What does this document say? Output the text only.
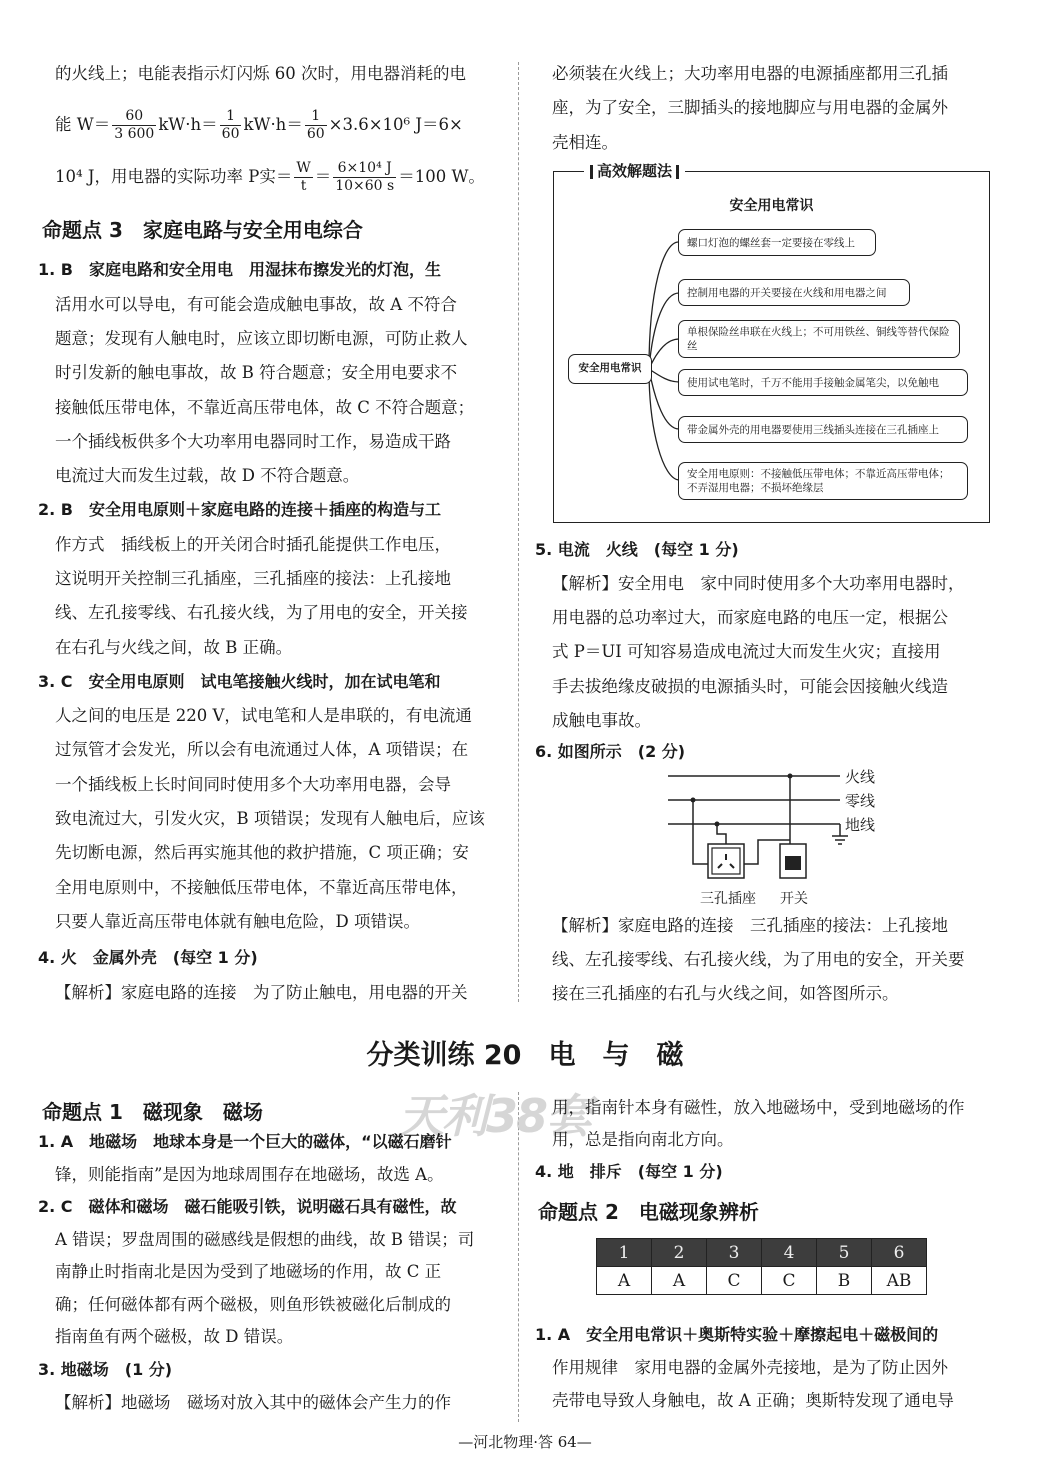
的火线上；电能表指示灯闪烁 60 次时，用电器消耗的电
能 $W= \frac{60}{3 600} kW\cdot h= \frac{1}{60} kW\cdot h= \frac{1}{60} \times 3.6\times 10^6$ J＝6×
10⁴ J，用电器的实际功率 P实＝ $\frac{W}{t} = \frac{\text{6×10⁴ J}}{10\times 60 s} =100$ W。
命题点 3　家庭电路与安全用电综合
1. B　家庭电路和安全用电　用湿抹布擦发光的灯泡，生
活用水可以导电，有可能会造成触电事故，故 A 不符合
题意；发现有人触电时，应该立即切断电源，可防止救人
时引发新的触电事故，故 B 符合题意；安全用电要求不
接触低压带电体，不靠近高压带电体，故 C 不符合题意；
一个插线板供多个大功率用电器同时工作，易造成干路
电流过大而发生过载，故 D 不符合题意。
2. B　安全用电原则＋家庭电路的连接＋插座的构造与工
作方式　插线板上的开关闭合时插孔能提供工作电压，
这说明开关控制三孔插座，三孔插座的接法：上孔接地
线、左孔接零线、右孔接火线，为了用电的安全，开关接
在右孔与火线之间，故 B 正确。
3. C　安全用电原则　试电笔接触火线时，加在试电笔和
人之间的电压是 220 V，试电笔和人是串联的，有电流通
过氖管才会发光，所以会有电流通过人体，A 项错误；在
一个插线板上长时间同时使用多个大功率用电器，会导
致电流过大，引发火灾，B 项错误；发现有人触电后，应该
先切断电源，然后再实施其他的救护措施，C 项正确；安
全用电原则中，不接触低压带电体，不靠近高压带电体，
只要人靠近高压带电体就有触电危险，D 项错误。
4. 火　金属外壳　(每空 1 分)
【解析】家庭电路的连接　为了防止触电，用电器的开关
必须装在火线上；大功率用电器的电源插座都用三孔插
座，为了安全，三脚插头的接地脚应与用电器的金属外
壳相连。
高效解题法
安全用电常识
安全用电常识
螺口灯泡的螺丝套一定要接在零线上
控制用电器的开关要接在火线和用电器之间
单根保险丝串联在火线上；不可用铁丝、铜线等替代保险丝
使用试电笔时，千万不能用手接触金属笔尖，以免触电
带金属外壳的用电器要使用三线插头连接在三孔插座上
安全用电原则：不接触低压带电体；不靠近高压带电体；不弄湿用电器；不损坏绝缘层
5. 电流　火线　(每空 1 分)
【解析】安全用电　家中同时使用多个大功率用电器时，
用电器的总功率过大，而家庭电路的电压一定，根据公
式 P＝UI 可知容易造成电流过大而发生火灾；直接用
手去拔绝缘皮破损的电源插头时，可能会因接触火线造
成触电事故。
6. 如图所示　(2 分)
火线
零线
地线
三孔插座 开关
【解析】家庭电路的连接　三孔插座的接法：上孔接地
线、左孔接零线、右孔接火线，为了用电的安全，开关要
接在三孔插座的右孔与火线之间，如答图所示。
分类训练 20　电　与　磁
天利38套
命题点 1　磁现象　磁场
1. A　地磁场　地球本身是一个巨大的磁体，“以磁石磨针
锋，则能指南”是因为地球周围存在地磁场，故选 A。
2. C　磁体和磁场　磁石能吸引铁，说明磁石具有磁性，故
A 错误；罗盘周围的磁感线是假想的曲线，故 B 错误；司
南静止时指南北是因为受到了地磁场的作用，故 C 正
确；任何磁体都有两个磁极，则鱼形铁被磁化后制成的
指南鱼有两个磁极，故 D 错误。
3. 地磁场　(1 分)
【解析】地磁场　磁场对放入其中的磁体会产生力的作
用，指南针本身有磁性，放入地磁场中，受到地磁场的作
用，总是指向南北方向。
4. 地　排斥　(每空 1 分)
命题点 2　电磁现象辨析
1	2	3	4	5	6
A	A	C	C	B	AB
1. A　安全用电常识＋奥斯特实验＋摩擦起电＋磁极间的
作用规律　家用电器的金属外壳接地，是为了防止因外
壳带电导致人身触电，故 A 正确；奥斯特发现了通电导
—河北物理·答 64—
